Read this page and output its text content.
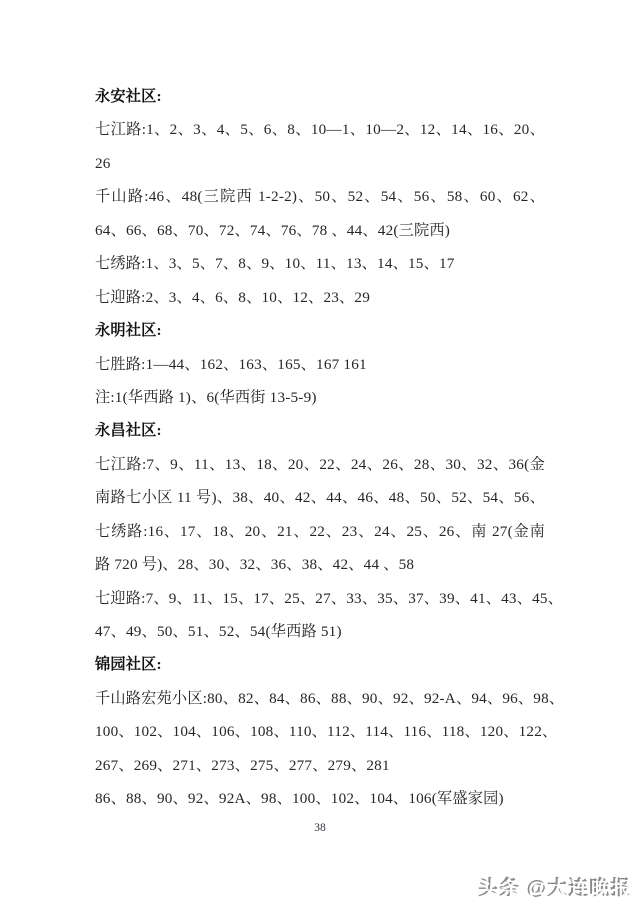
永安社区:
七江路:1、2、3、4、5、6、8、10—1、10—2、12、14、16、20、
26
千山路:46、48(三院西 1-2-2)、50、52、54、56、58、60、62、
64、66、68、70、72、74、76、78 、44、42(三院西)
七绣路:1、3、5、7、8、9、10、11、13、14、15、17
七迎路:2、3、4、6、8、10、12、23、29
永明社区:
七胜路:1—44、162、163、165、167 161
注:1(华西路 1)、6(华西街 13-5-9)
永昌社区:
七江路:7、9、11、13、18、20、22、24、26、28、30、32、36(金
南路七小区 11 号)、38、40、42、44、46、48、50、52、54、56、
七绣路:16、17、18、20、21、22、23、24、25、26、南 27(金南
路 720 号)、28、30、32、36、38、42、44 、58
七迎路:7、9、11、15、17、25、27、33、35、37、39、41、43、45、
47、49、50、51、52、54(华西路 51)
锦园社区:
千山路宏苑小区:80、82、84、86、88、90、92、92-A、94、96、98、
100、102、104、106、108、110、112、114、116、118、120、122、
267、269、271、273、275、277、279、281
86、88、90、92、92A、98、100、102、104、106(军盛家园)
38
头条 @大连晚报 头条 @大连晚报
